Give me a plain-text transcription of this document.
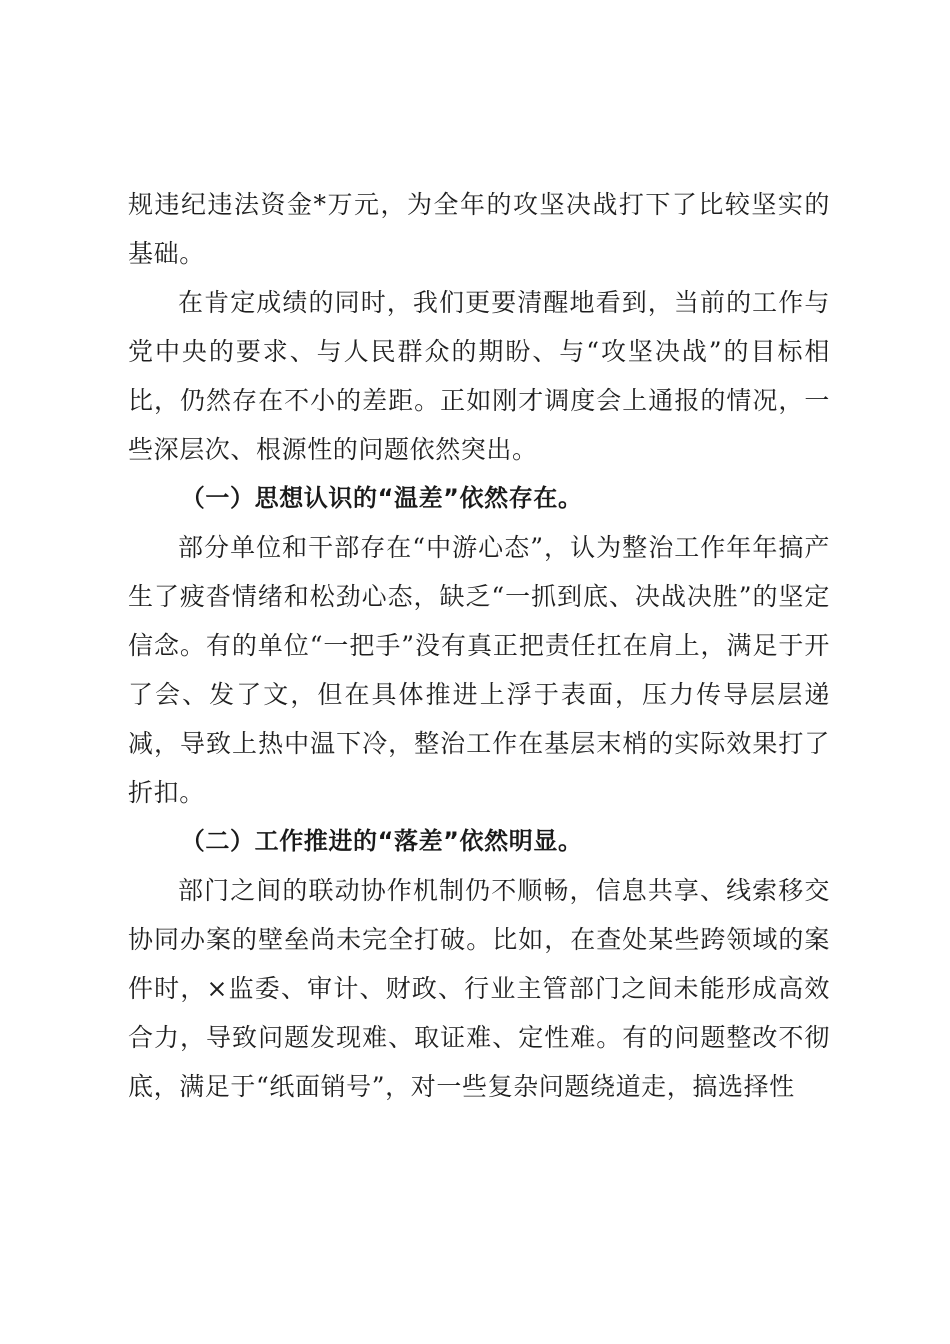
规违纪违法资金*万元，为全年的攻坚决战打下了比较坚实的基础。

在肯定成绩的同时，我们更要清醒地看到，当前的工作与党中央的要求、与人民群众的期盼、与“攻坚决战”的目标相比，仍然存在不小的差距。正如刚才调度会上通报的情况，一些深层次、根源性的问题依然突出。

（一）思想认识的“温差”依然存在。

部分单位和干部存在“中游心态”，认为整治工作年年搞产生了疲沓情绪和松劲心态，缺乏“一抓到底、决战决胜”的坚定信念。有的单位“一把手”没有真正把责任扛在肩上，满足于开了会、发了文，但在具体推进上浮于表面，压力传导层层递减，导致上热中温下冷，整治工作在基层末梢的实际效果打了折扣。

（二）工作推进的“落差”依然明显。

部门之间的联动协作机制仍不顺畅，信息共享、线索移交协同办案的壁垒尚未完全打破。比如，在查处某些跨领域的案件时，×监委、审计、财政、行业主管部门之间未能形成高效合力，导致问题发现难、取证难、定性难。有的问题整改不彻底，满足于“纸面销号”，对一些复杂问题绕道走，搞选择性
